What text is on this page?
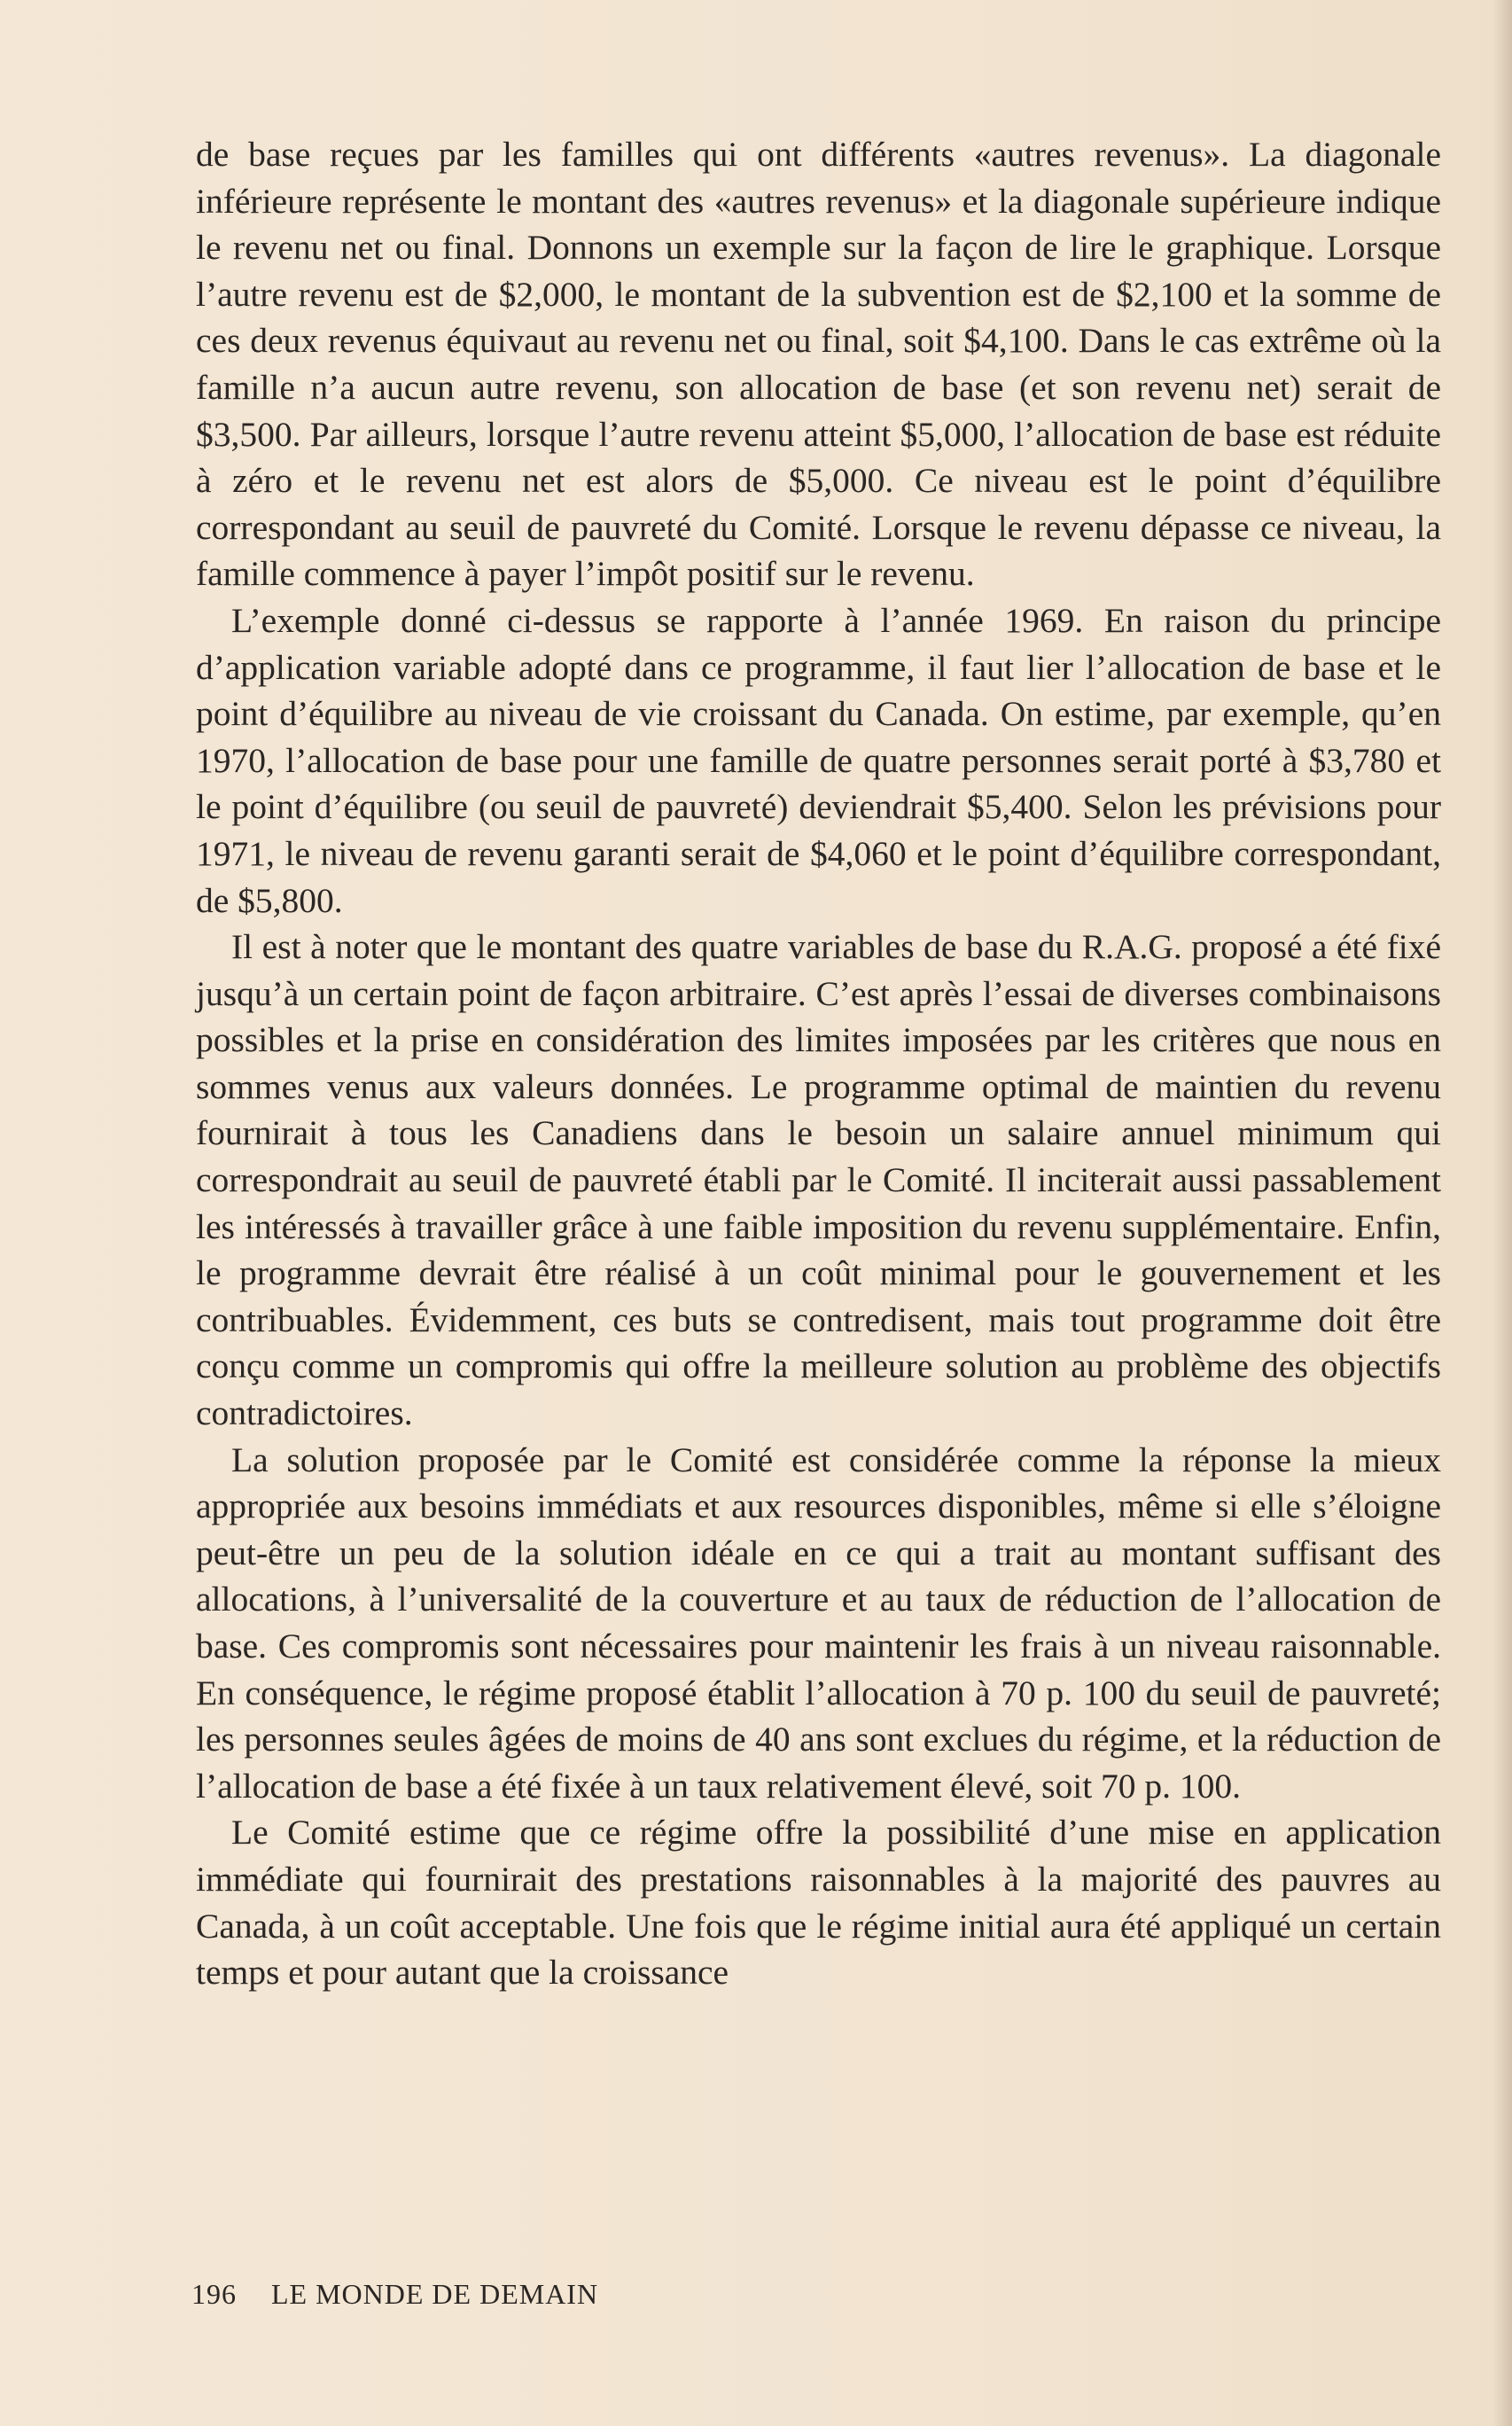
de base reçues par les familles qui ont différents «autres revenus». La diagonale inférieure représente le montant des «autres revenus» et la diagonale supérieure indique le revenu net ou final. Donnons un exemple sur la façon de lire le graphique. Lorsque l’autre revenu est de $2,000, le montant de la subvention est de $2,100 et la somme de ces deux revenus équivaut au revenu net ou final, soit $4,100. Dans le cas extrême où la famille n’a aucun autre revenu, son allocation de base (et son revenu net) serait de $3,500. Par ailleurs, lorsque l’autre revenu atteint $5,000, l’allocation de base est réduite à zéro et le revenu net est alors de $5,000. Ce niveau est le point d’équilibre correspondant au seuil de pauvreté du Comité. Lorsque le revenu dépasse ce niveau, la famille commence à payer l’impôt positif sur le revenu.

L’exemple donné ci-dessus se rapporte à l’année 1969. En raison du principe d’application variable adopté dans ce programme, il faut lier l’allocation de base et le point d’équilibre au niveau de vie croissant du Canada. On estime, par exemple, qu’en 1970, l’allocation de base pour une famille de quatre personnes serait porté à $3,780 et le point d’équilibre (ou seuil de pauvreté) deviendrait $5,400. Selon les prévisions pour 1971, le niveau de revenu garanti serait de $4,060 et le point d’équilibre correspondant, de $5,800.

Il est à noter que le montant des quatre variables de base du R.A.G. proposé a été fixé jusqu’à un certain point de façon arbitraire. C’est après l’essai de diverses combinaisons possibles et la prise en considération des limites imposées par les critères que nous en sommes venus aux valeurs données. Le programme optimal de maintien du revenu fournirait à tous les Canadiens dans le besoin un salaire annuel minimum qui correspondrait au seuil de pauvreté établi par le Comité. Il inciterait aussi passablement les intéressés à travailler grâce à une faible imposition du revenu supplémentaire. Enfin, le programme devrait être réalisé à un coût minimal pour le gouvernement et les contribuables. Évidemment, ces buts se contredisent, mais tout programme doit être conçu comme un compromis qui offre la meilleure solution au problème des objectifs contradictoires.

La solution proposée par le Comité est considérée comme la réponse la mieux appropriée aux besoins immédiats et aux resources disponibles, même si elle s’éloigne peut-être un peu de la solution idéale en ce qui a trait au montant suffisant des allocations, à l’universalité de la couverture et au taux de réduction de l’allocation de base. Ces compromis sont nécessaires pour maintenir les frais à un niveau raisonnable. En conséquence, le régime proposé établit l’allocation à 70 p. 100 du seuil de pauvreté; les personnes seules âgées de moins de 40 ans sont exclues du régime, et la réduction de l’allocation de base a été fixée à un taux relativement élevé, soit 70 p. 100.

Le Comité estime que ce régime offre la possibilité d’une mise en application immédiate qui fournirait des prestations raisonnables à la majorité des pauvres au Canada, à un coût acceptable. Une fois que le régime initial aura été appliqué un certain temps et pour autant que la croissance

196 LE MONDE DE DEMAIN
